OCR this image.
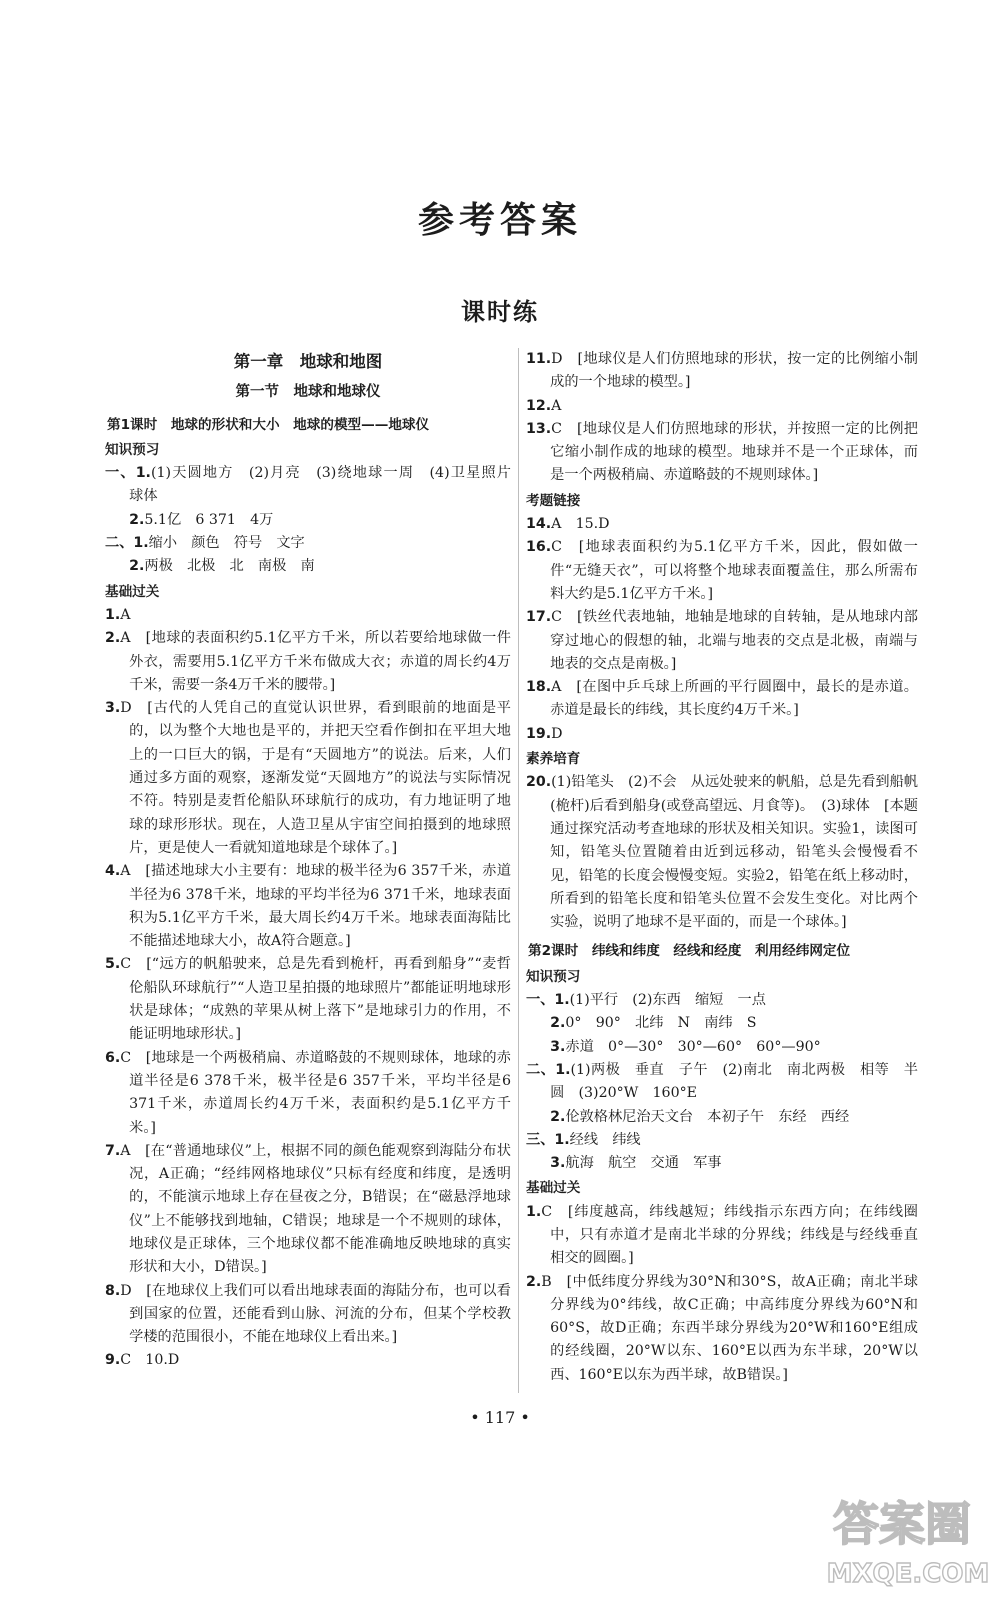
参考答案
课时练
第一章　地球和地图
第一节　地球和地球仪
第1课时　地球的形状和大小　地球的模型——地球仪
知识预习

一、1.(1)天圆地方　(2)月亮　(3)绕地球一周　(4)卫星照片　球体

2.5.1亿　6 371　4万

二、1.缩小　颜色　符号　文字

2.两极　北极　北　南极　南

基础过关

1.A

2.A　[地球的表面积约5.1亿平方千米，所以若要给地球做一件外衣，需要用5.1亿平方千米布做成大衣；赤道的周长约4万千米，需要一条4万千米的腰带。]

3.D　[古代的人凭自己的直觉认识世界，看到眼前的地面是平的，以为整个大地也是平的，并把天空看作倒扣在平坦大地上的一口巨大的锅，于是有“天圆地方”的说法。后来，人们通过多方面的观察，逐渐发觉“天圆地方”的说法与实际情况不符。特别是麦哲伦船队环球航行的成功，有力地证明了地球的球形形状。现在，人造卫星从宇宙空间拍摄到的地球照片，更是使人一看就知道地球是个球体了。]

4.A　[描述地球大小主要有：地球的极半径为6 357千米，赤道半径为6 378千米，地球的平均半径为6 371千米，地球表面积为5.1亿平方千米，最大周长约4万千米。地球表面海陆比不能描述地球大小，故A符合题意。]

5.C　[“远方的帆船驶来，总是先看到桅杆，再看到船身”“麦哲伦船队环球航行”“人造卫星拍摄的地球照片”都能证明地球形状是球体；“成熟的苹果从树上落下”是地球引力的作用，不能证明地球形状。]

6.C　[地球是一个两极稍扁、赤道略鼓的不规则球体，地球的赤道半径是6 378千米，极半径是6 357千米，平均半径是6 371千米，赤道周长约4万千米，表面积约是5.1亿平方千米。]

7.A　[在“普通地球仪”上，根据不同的颜色能观察到海陆分布状况，A正确；“经纬网格地球仪”只标有经度和纬度，是透明的，不能演示地球上存在昼夜之分，B错误；在“磁悬浮地球仪”上不能够找到地轴，C错误；地球是一个不规则的球体，地球仪是正球体，三个地球仪都不能准确地反映地球的真实形状和大小，D错误。]

8.D　[在地球仪上我们可以看出地球表面的海陆分布，也可以看到国家的位置，还能看到山脉、河流的分布，但某个学校教学楼的范围很小，不能在地球仪上看出来。]

9.C　10.D

11.D　[地球仪是人们仿照地球的形状，按一定的比例缩小制成的一个地球的模型。]

12.A

13.C　[地球仪是人们仿照地球的形状，并按照一定的比例把它缩小制作成的地球的模型。地球并不是一个正球体，而是一个两极稍扁、赤道略鼓的不规则球体。]

考题链接

14.A　15.D

16.C　[地球表面积约为5.1亿平方千米，因此，假如做一件“无缝天衣”，可以将整个地球表面覆盖住，那么所需布料大约是5.1亿平方千米。]

17.C　[铁丝代表地轴，地轴是地球的自转轴，是从地球内部穿过地心的假想的轴，北端与地表的交点是北极，南端与地表的交点是南极。]

18.A　[在图中乒乓球上所画的平行圆圈中，最长的是赤道。赤道是最长的纬线，其长度约4万千米。]

19.D

素养培育

20.(1)铅笔头　(2)不会　从远处驶来的帆船，总是先看到船帆(桅杆)后看到船身(或登高望远、月食等)。　(3)球体　[本题通过探究活动考查地球的形状及相关知识。实验1，读图可知，铅笔头位置随着由近到远移动，铅笔头会慢慢看不见，铅笔的长度会慢慢变短。实验2，铅笔在纸上移动时，所看到的铅笔长度和铅笔头位置不会发生变化。对比两个实验，说明了地球不是平面的，而是一个球体。]

第2课时　纬线和纬度　经线和经度　利用经纬网定位
知识预习

一、1.(1)平行　(2)东西　缩短　一点

2.0°　90°　北纬　N　南纬　S

3.赤道　0°—30°　30°—60°　60°—90°

二、1.(1)两极　垂直　子午　(2)南北　南北两极　相等　半圆　(3)20°W　160°E

2.伦敦格林尼治天文台　本初子午　东经　西经

三、1.经线　纬线

3.航海　航空　交通　军事

基础过关

1.C　[纬度越高，纬线越短；纬线指示东西方向；在纬线圈中，只有赤道才是南北半球的分界线；纬线是与经线垂直相交的圆圈。]

2.B　[中低纬度分界线为30°N和30°S，故A正确；南北半球分界线为0°纬线，故C正确；中高纬度分界线为60°N和60°S，故D正确；东西半球分界线为20°W和160°E组成的经线圈，20°W以东、160°E以西为东半球，20°W以西、160°E以东为西半球，故B错误。]

• 117 •
答案圈
MXQE.COM
